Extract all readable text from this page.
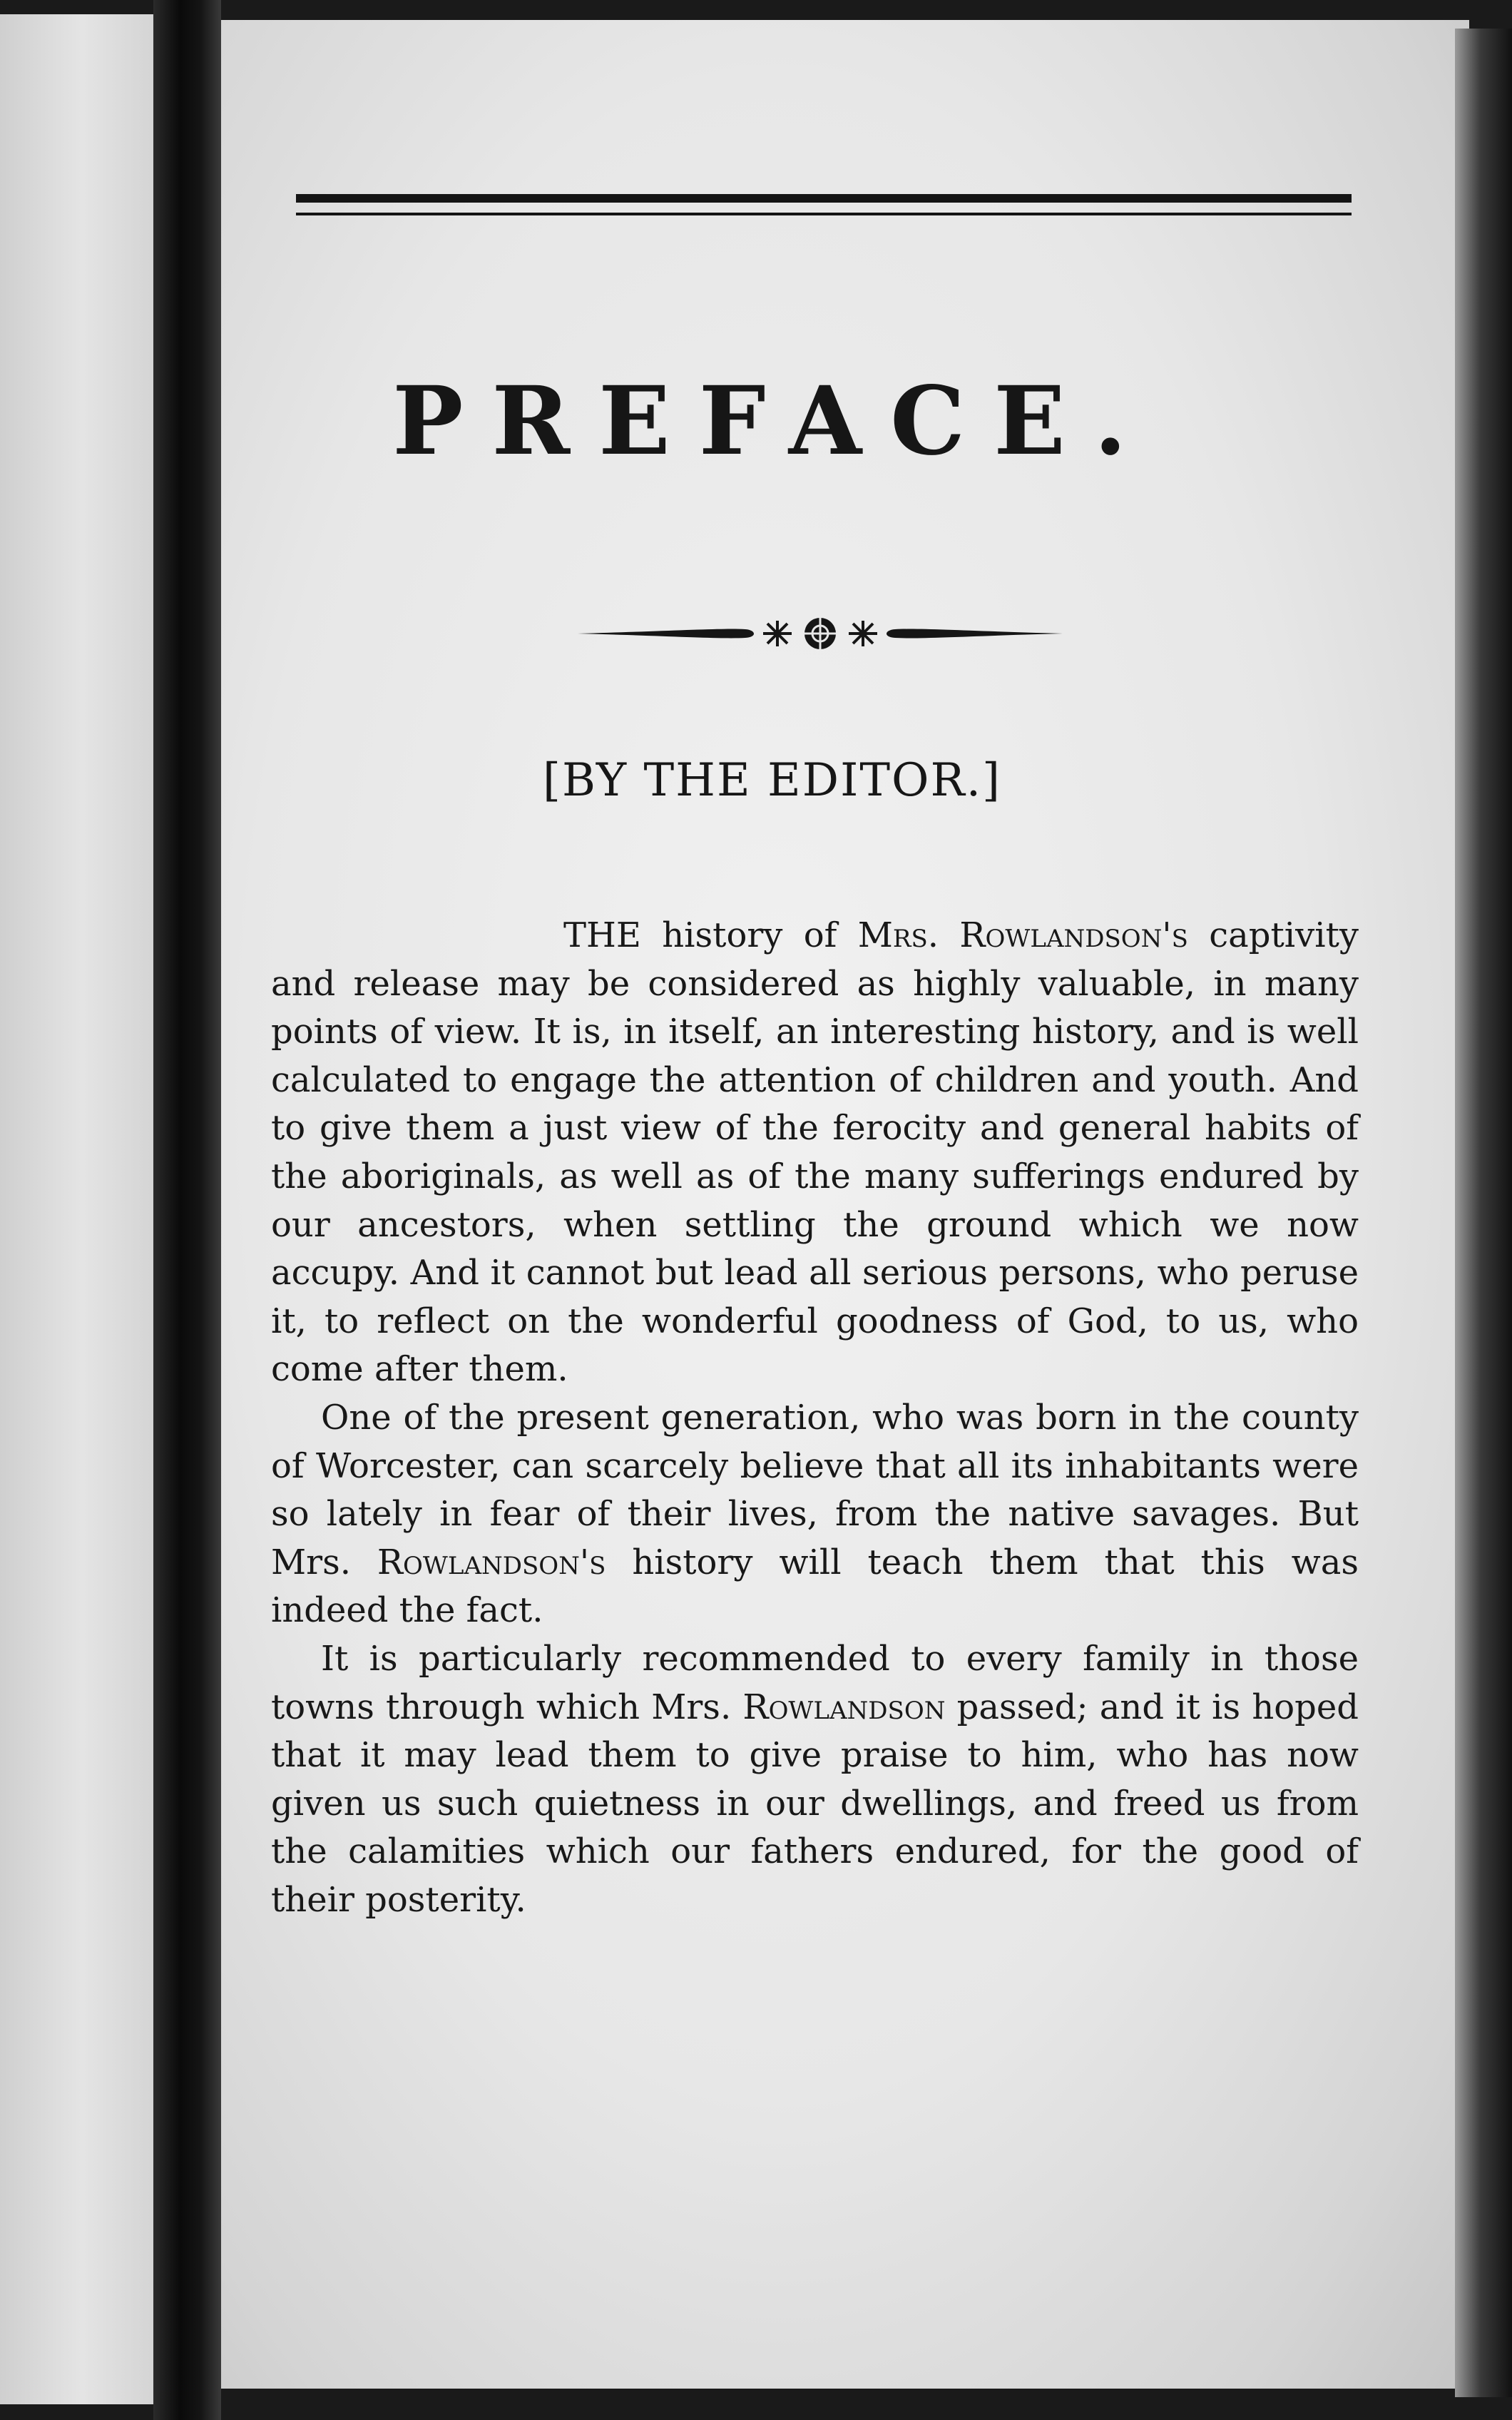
PREFACE.
[BY THE EDITOR.]

THE history of Mrs. Rowlandson's captivity and release may be considered as highly valuable, in many points of view. It is, in itself, an interesting history, and is well calculated to engage the attention of children and youth. And to give them a just view of the ferocity and general habits of the aboriginals, as well as of the many sufferings endured by our ancestors, when settling the ground which we now accupy. And it cannot but lead all serious persons, who peruse it, to reflect on the wonderful goodness of God, to us, who come after them.

One of the present generation, who was born in the county of Worcester, can scarcely believe that all its inhabitants were so lately in fear of their lives, from the native savages. But Mrs. Rowlandson's history will teach them that this was indeed the fact.

It is particularly recommended to every family in those towns through which Mrs. Rowlandson passed; and it is hoped that it may lead them to give praise to him, who has now given us such quietness in our dwellings, and freed us from the calamities which our fathers endured, for the good of their posterity.
